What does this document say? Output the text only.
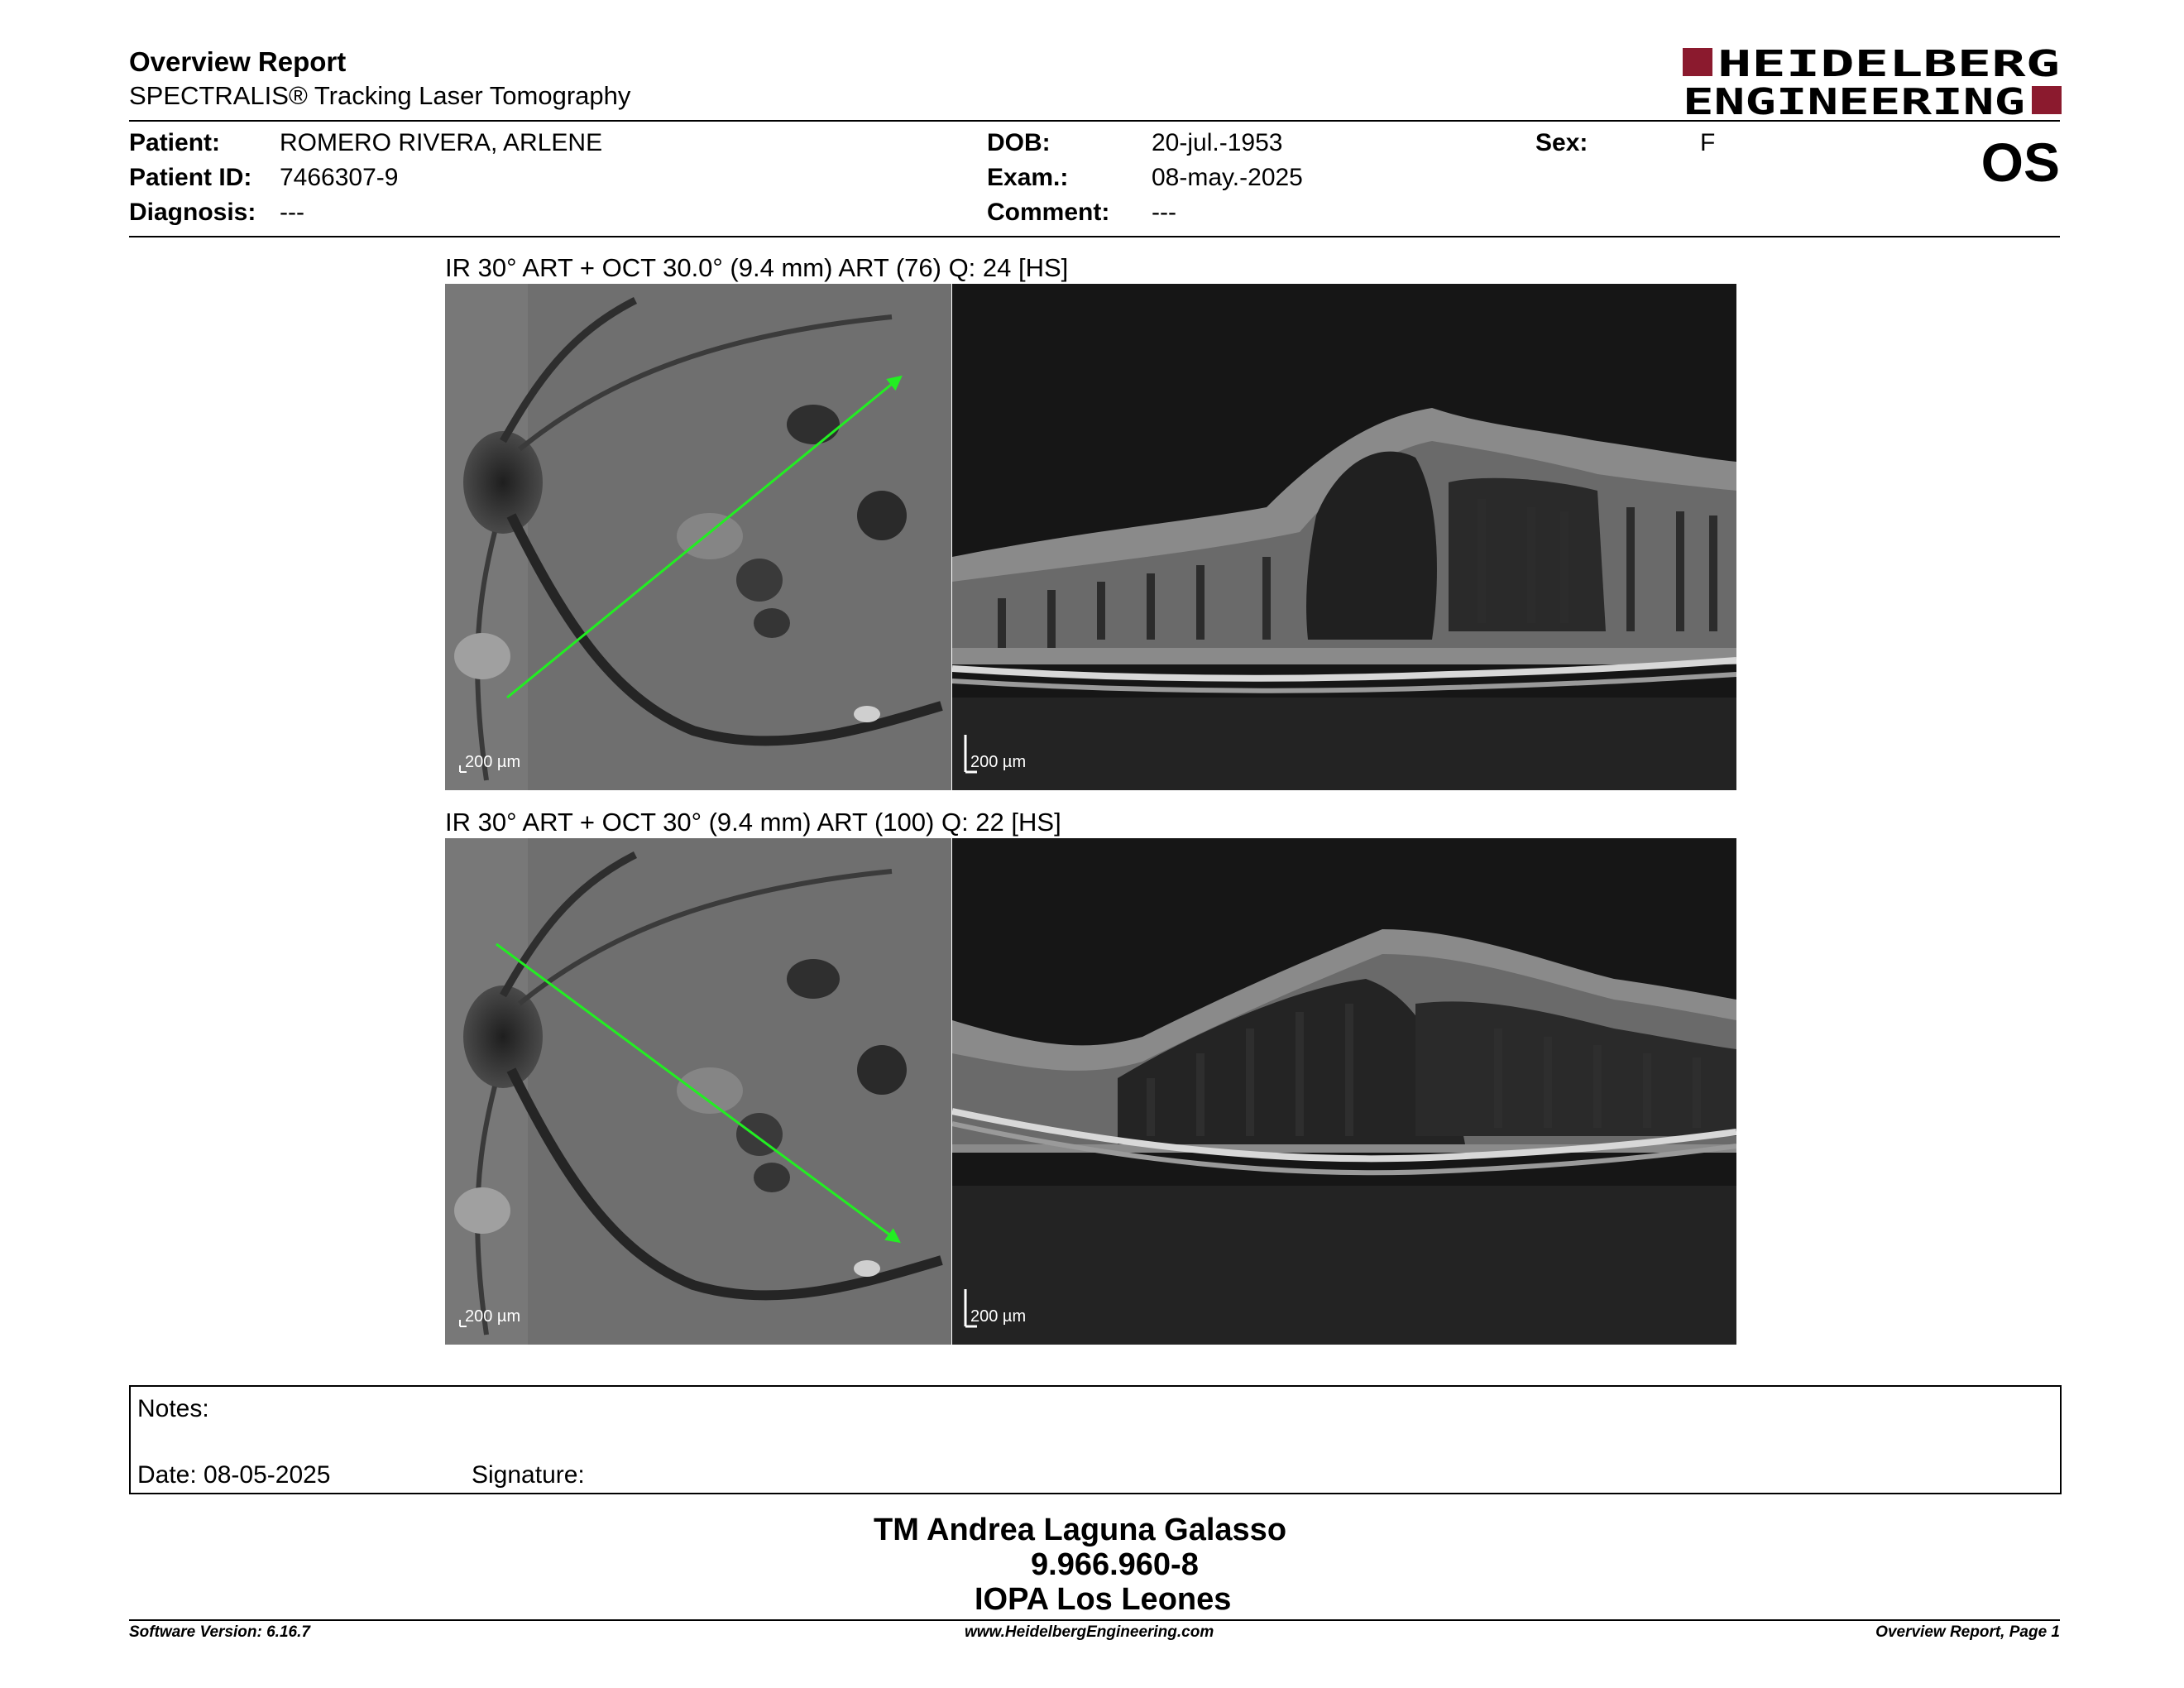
Overview Report
SPECTRALIS® Tracking Laser Tomography
HEIDELBERG
ENGINEERING
Patient: ROMERO RIVERA, ARLENE
Patient ID: 7466307-9
Diagnosis: ---
DOB:	20-jul.-1953
Exam.:	08-may.-2025
Comment: ---
Sex:	F	OS
IR 30° ART + OCT 30.0° (9.4 mm) ART (76) Q: 24 [HS]
200 µm	200 µm
IR 30° ART + OCT 30° (9.4 mm) ART (100) Q: 22 [HS]
200 µm	200 µm
Notes:
Date: 08-05-2025	Signature:
TM Andrea Laguna Galasso
9.966.960-8
IOPA Los Leones
Software Version: 6.16.7	www.HeidelbergEngineering.com	Overview Report, Page 1
